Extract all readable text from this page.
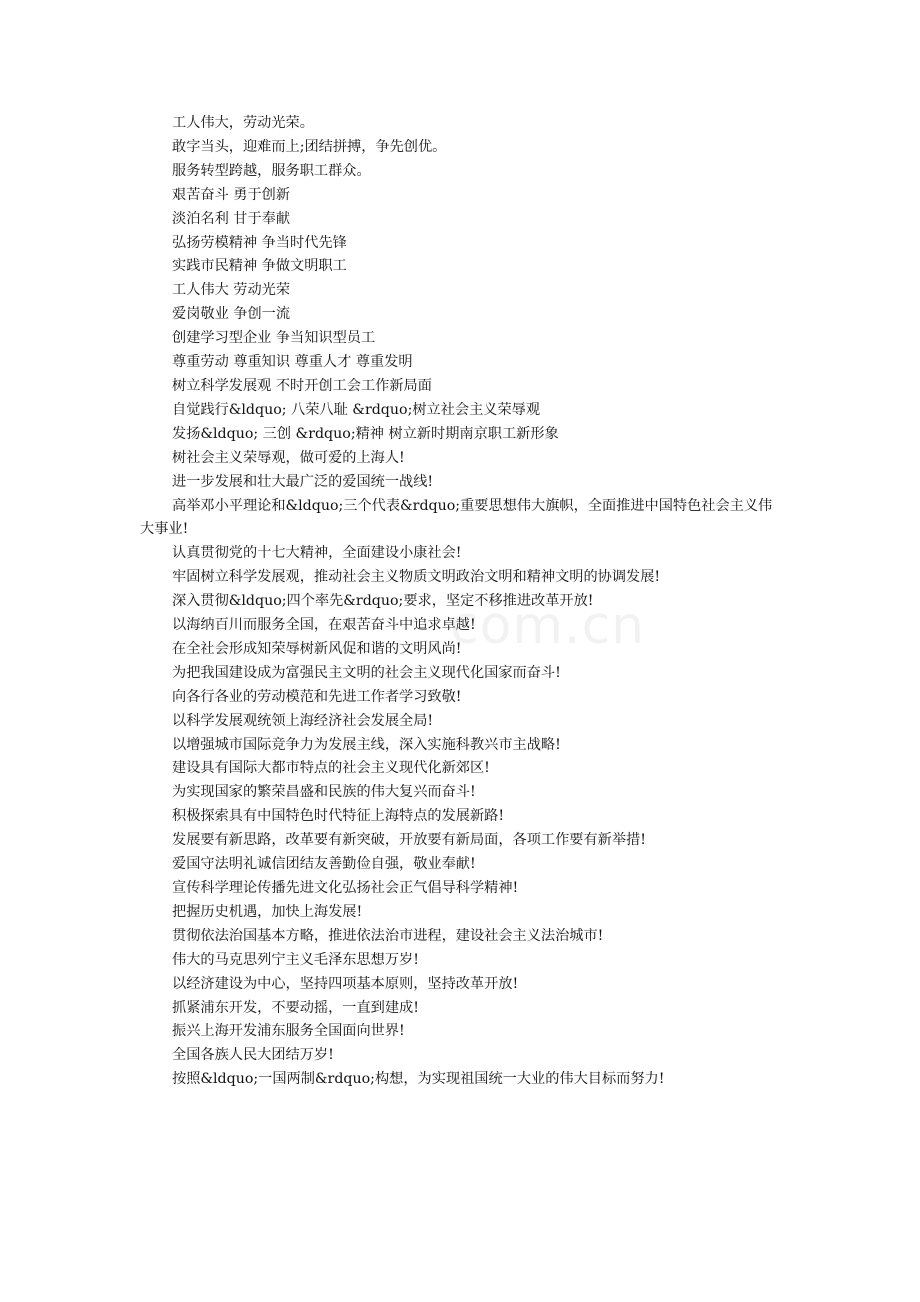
工人伟大，劳动光荣。

敢字当头，迎难而上;团结拼搏，争先创优。

服务转型跨越，服务职工群众。

艰苦奋斗 勇于创新

淡泊名利 甘于奉献

弘扬劳模精神 争当时代先锋

实践市民精神 争做文明职工

工人伟大 劳动光荣

爱岗敬业 争创一流

创建学习型企业 争当知识型员工

尊重劳动 尊重知识 尊重人才 尊重发明

树立科学发展观 不时开创工会工作新局面

自觉践行&ldquo; 八荣八耻 &rdquo;树立社会主义荣辱观

发扬&ldquo; 三创 &rdquo;精神 树立新时期南京职工新形象

树社会主义荣辱观，做可爱的上海人!

进一步发展和壮大最广泛的爱国统一战线!

高举邓小平理论和&ldquo;三个代表&rdquo;重要思想伟大旗帜，全面推进中国特色社会主义伟大事业!

认真贯彻党的十七大精神，全面建设小康社会!

牢固树立科学发展观，推动社会主义物质文明政治文明和精神文明的协调发展!

深入贯彻&ldquo;四个率先&rdquo;要求，坚定不移推进改革开放!

以海纳百川而服务全国，在艰苦奋斗中追求卓越!

在全社会形成知荣辱树新风促和谐的文明风尚!

为把我国建设成为富强民主文明的社会主义现代化国家而奋斗!

向各行各业的劳动模范和先进工作者学习致敬!

以科学发展观统领上海经济社会发展全局!

以增强城市国际竞争力为发展主线，深入实施科教兴市主战略!

建设具有国际大都市特点的社会主义现代化新郊区!

为实现国家的繁荣昌盛和民族的伟大复兴而奋斗!

积极探索具有中国特色时代特征上海特点的发展新路!

发展要有新思路，改革要有新突破，开放要有新局面，各项工作要有新举措!

爱国守法明礼诚信团结友善勤俭自强，敬业奉献!

宣传科学理论传播先进文化弘扬社会正气倡导科学精神!

把握历史机遇，加快上海发展!

贯彻依法治国基本方略，推进依法治市进程，建设社会主义法治城市!

伟大的马克思列宁主义毛泽东思想万岁!

以经济建设为中心，坚持四项基本原则，坚持改革开放!

抓紧浦东开发，不要动摇，一直到建成!

振兴上海开发浦东服务全国面向世界!

全国各族人民大团结万岁!

按照&ldquo;一国两制&rdquo;构想，为实现祖国统一大业的伟大目标而努力!

com.cn
